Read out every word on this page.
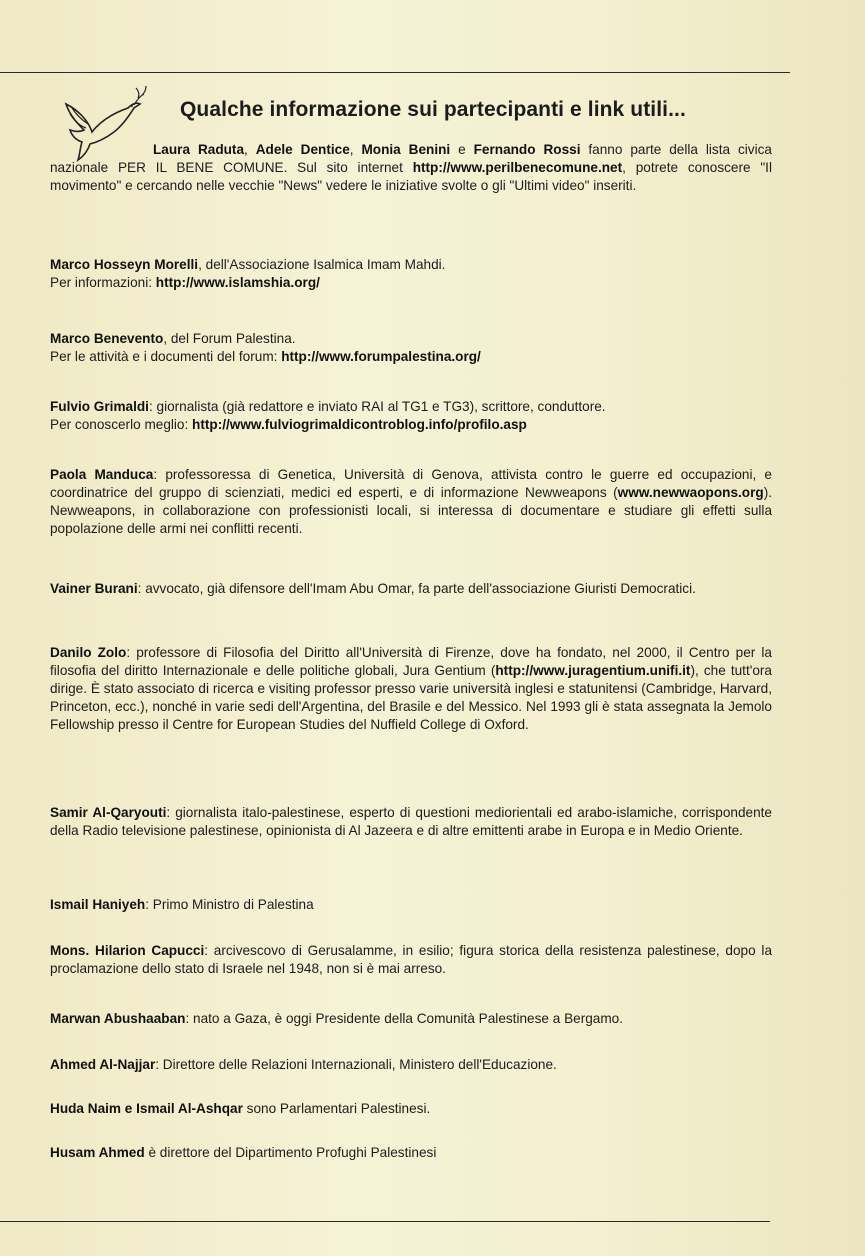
Qualche informazione sui partecipanti e link utili...

Laura Raduta, Adele Dentice, Monia Benini e Fernando Rossi fanno parte della lista civica nazionale PER IL BENE COMUNE. Sul sito internet http://www.perilbenecomune.net, potrete conoscere "Il movimento" e cercando nelle vecchie "News" vedere le iniziative svolte o gli "Ultimi video" inseriti.

Marco Hosseyn Morelli, dell'Associazione Isalmica Imam Mahdi.
Per informazioni: http://www.islamshia.org/

Marco Benevento, del Forum Palestina.
Per le attività e i documenti del forum: http://www.forumpalestina.org/

Fulvio Grimaldi: giornalista (già redattore e inviato RAI al TG1 e TG3), scrittore, conduttore.
Per conoscerlo meglio: http://www.fulviogrimaldicontroblog.info/profilo.asp

Paola Manduca: professoressa di Genetica, Università di Genova, attivista contro le guerre ed occupazioni, e coordinatrice del gruppo di scienziati, medici ed esperti, e di informazione Newweapons (www.newwaopons.org). Newweapons, in collaborazione con professionisti locali, si interessa di documentare e studiare gli effetti sulla popolazione delle armi nei conflitti recenti.

Vainer Burani: avvocato, già difensore dell'Imam Abu Omar, fa parte dell'associazione Giuristi Democratici.

Danilo Zolo: professore di Filosofia del Diritto all'Università di Firenze, dove ha fondato, nel 2000, il Centro per la filosofia del diritto Internazionale e delle politiche globali, Jura Gentium (http://www.juragentium.unifi.it), che tutt'ora dirige. È stato associato di ricerca e visiting professor presso varie università inglesi e statunitensi (Cambridge, Harvard, Princeton, ecc.), nonché in varie sedi dell'Argentina, del Brasile e del Messico. Nel 1993 gli è stata assegnata la Jemolo Fellowship presso il Centre for European Studies del Nuffield College di Oxford.

Samir Al-Qaryouti: giornalista italo-palestinese, esperto di questioni mediorientali ed arabo-islamiche, corrispondente della Radio televisione palestinese, opinionista di Al Jazeera e di altre emittenti arabe in Europa e in Medio Oriente.

Ismail Haniyeh: Primo Ministro di Palestina

Mons. Hilarion Capucci: arcivescovo di Gerusalamme, in esilio; figura storica della resistenza palestinese, dopo la proclamazione dello stato di Israele nel 1948, non si è mai arreso.

Marwan Abushaaban: nato a Gaza, è oggi Presidente della Comunità Palestinese a Bergamo.

Ahmed Al-Najjar: Direttore delle Relazioni Internazionali, Ministero dell'Educazione.

Huda Naim e Ismail Al-Ashqar sono Parlamentari Palestinesi.

Husam Ahmed è direttore del Dipartimento Profughi Palestinesi
